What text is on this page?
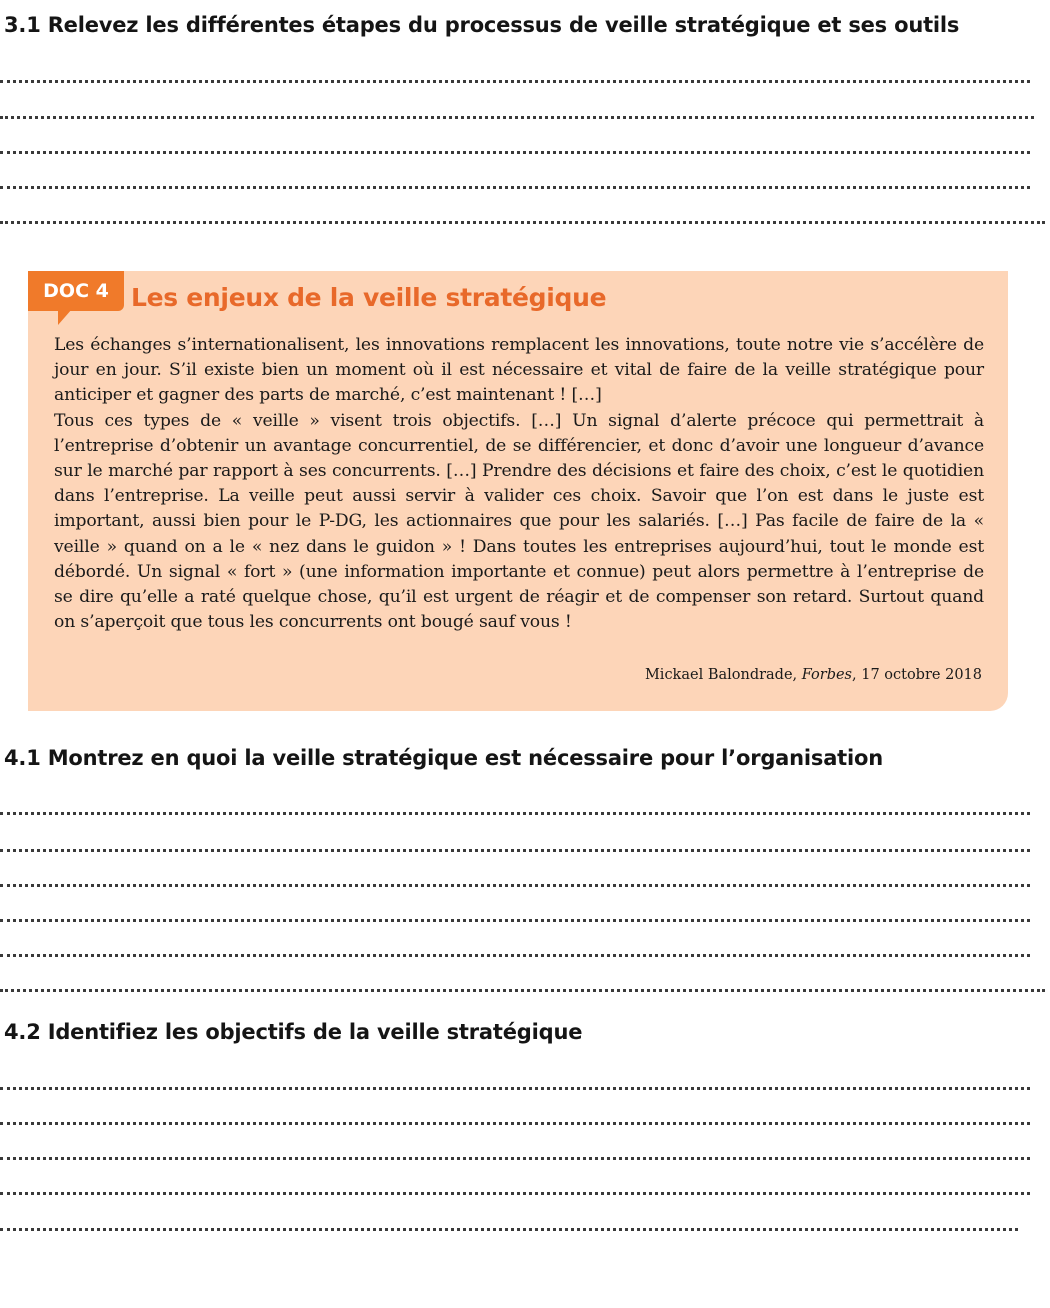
3.1 Relevez les différentes étapes du processus de veille stratégique et ses outils
DOC 4 Les enjeux de la veille stratégique
Les échanges s’internationalisent, les innovations remplacent les innovations, toute notre vie s’accélère de jour en jour. S’il existe bien un moment où il est nécessaire et vital de faire de la veille stratégique pour anticiper et gagner des parts de marché, c’est maintenant ! […]
Tous ces types de « veille » visent trois objectifs. […] Un signal d’alerte précoce qui permettrait à l’entreprise d’obtenir un avantage concurrentiel, de se différencier, et donc d’avoir une longueur d’avance sur le marché par rapport à ses concurrents. […] Prendre des décisions et faire des choix, c’est le quotidien dans l’entreprise. La veille peut aussi servir à valider ces choix. Savoir que l’on est dans le juste est important, aussi bien pour le P-DG, les actionnaires que pour les salariés. […] Pas facile de faire de la « veille » quand on a le « nez dans le guidon » ! Dans toutes les entreprises aujourd’hui, tout le monde est débordé. Un signal « fort » (une information importante et connue) peut alors permettre à l’entreprise de se dire qu’elle a raté quelque chose, qu’il est urgent de réagir et de compenser son retard. Surtout quand on s’aperçoit que tous les concurrents ont bougé sauf vous !

Mickael Balondrade, Forbes, 17 octobre 2018

4.1 Montrez en quoi la veille stratégique est nécessaire pour l’organisation
4.2 Identifiez les objectifs de la veille stratégique
